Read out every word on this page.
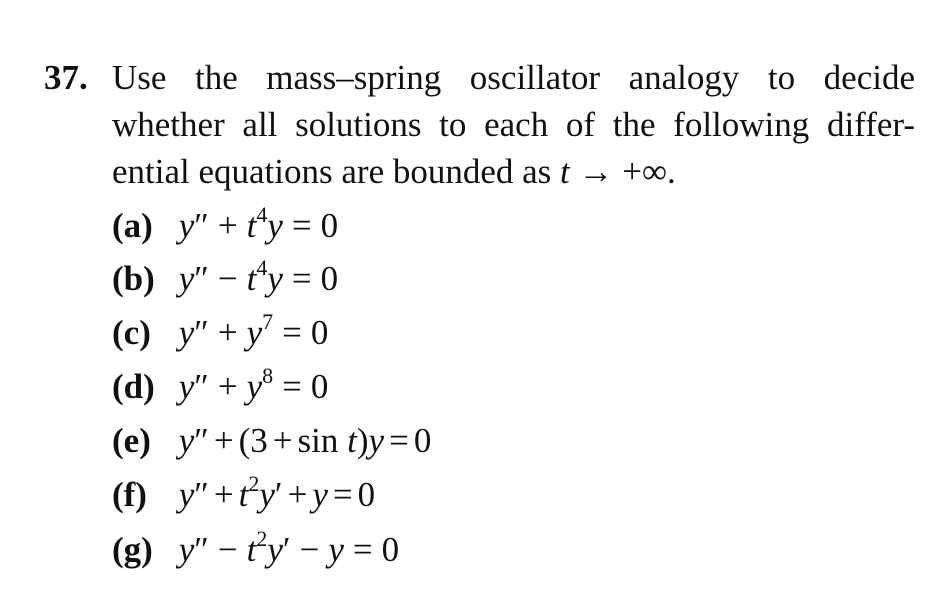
37. Use the mass–spring oscillator analogy to decide
whether all solutions to each of the following differ-
ential equations are bounded as t → +∞.
(a) $y'' + t^4y = 0$
(b) $y'' - t^4y = 0$
(c) $y'' + y^7 = 0$
(d) $y'' + y^8 = 0$
(e) y″ + (3 + sin t)y = 0
(f) $y'' + t^2y' + y = 0$
(g) $y'' - t^2y' - y = 0$
